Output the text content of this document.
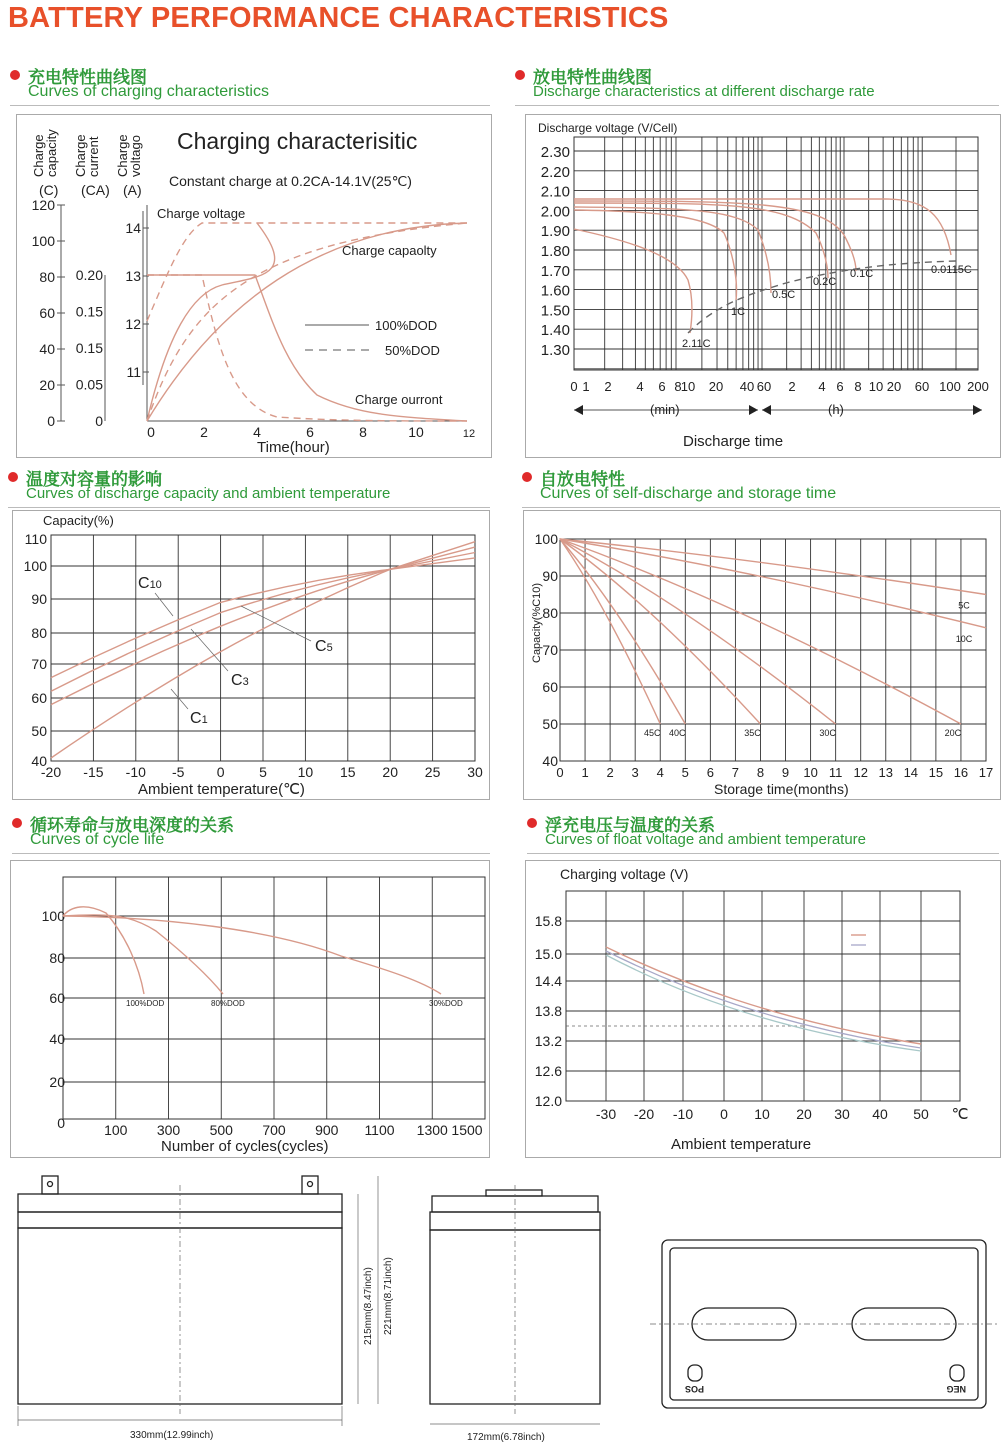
BATTERY PERFORMANCE CHARACTERISTICS
充电特性曲线图
Curves of charging characteristics
放电特性曲线图
Discharge characteristics at different discharge rate
温度对容量的影响
Curves of discharge capacity and ambient temperature
自放电特性
Curves of self-discharge and storage time
循环寿命与放电深度的关系
Curves of cycle life
浮充电压与温度的关系
Curves of float voltage and ambient temperature
Charging characterisitic
Constant charge at 0.2CA-14.1V(25℃)
Charge
capacity
(C)
Charge
current
(CA)
Charge
voltago
(A)
120
100
80
60
40
20
0
0.20
0.15
0.15
0.05
0
14
13
12
11
0	2	4	6	8	10	12
Charge voltage
Charge capaolty
Charge ourront
100%DOD
50%DOD
Time(hour)
Discharge voltage (V/Cell)
2.30
2.20
2.10
2.00
1.90
1.80
1.70
1.60
1.50
1.40
1.30
0 1 2 4 6 8 10 20 40 60 2 4 6 8 10 20 60 100 200
2.11C
1C
0.5C
0.2C
0.1C	0.0115C
(min)	(h)
Discharge time
Capacity(%)
110
100
90
80
70
60
50
40
-20 -15 -10 -5 0 5 10 15 20 25 30
C10
C5
C3
C1
Ambient temperature(℃)
Capacity(%C10)
100
90
80
70
60
50
40
0 1 2 3 4 5 6 7 8 9 10 11 12 13 14 15 16 17
5C
10C
20C
30C
35C
40C
45C
Storage time(months)
100
80
60
40
20
0	100 300 500 700 900 1100 1300 1500
100%DOD	80%DOD	30%DOD
Number of cycles(cycles)
Charging voltage (V)
15.8
15.0
14.4
13.8
13.2
12.6
12.0
-30 -20 -10 0 10 20 30 40 50 ℃
Ambient temperature
330mm(12.99inch)
215mm(8.47inch) 221mm(8.71inch)
172mm(6.78inch)
POS	NEG
